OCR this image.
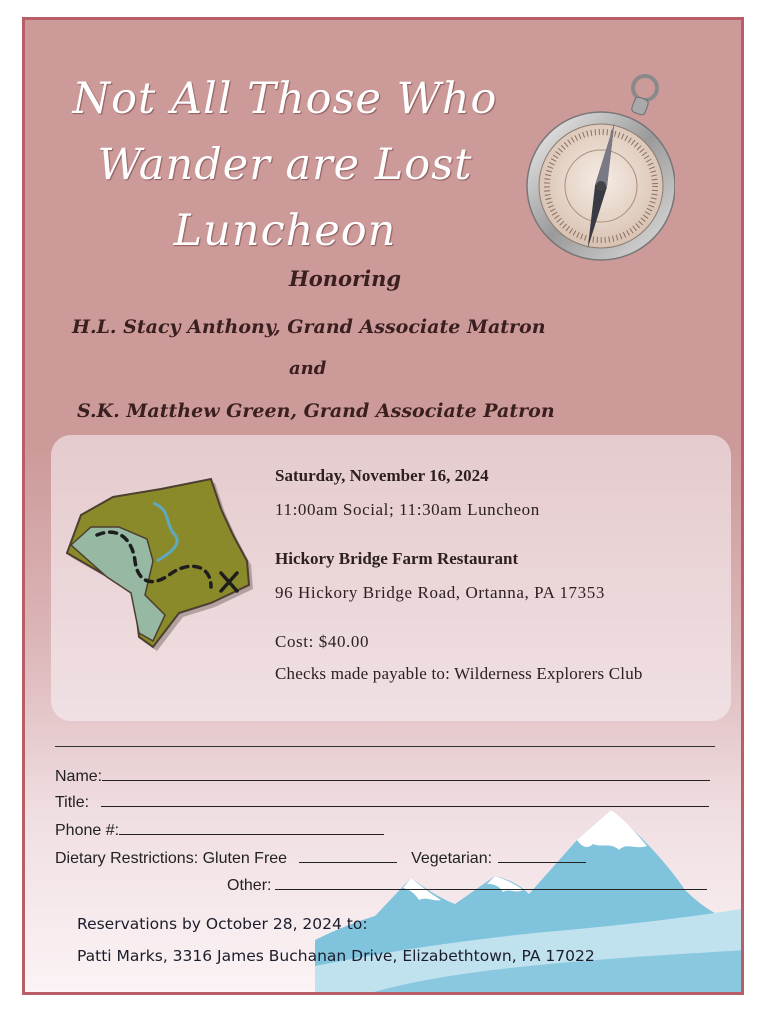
Not All Those Who
Wander are Lost
Luncheon

Honoring

H.L. Stacy Anthony, Grand Associate Matron

and

S.K. Matthew Green, Grand Associate Patron

Saturday, November 16, 2024

11:00am Social; 11:30am Luncheon

Hickory Bridge Farm Restaurant

96 Hickory Bridge Road, Ortanna, PA 17353

Cost: $40.00

Checks made payable to: Wilderness Explorers Club

Name:

Title:

Phone #:

Dietary Restrictions: Gluten Free	Vegetarian:

Other:

Reservations by October 28, 2024 to:

Patti Marks, 3316 James Buchanan Drive, Elizabethtown, PA 17022
